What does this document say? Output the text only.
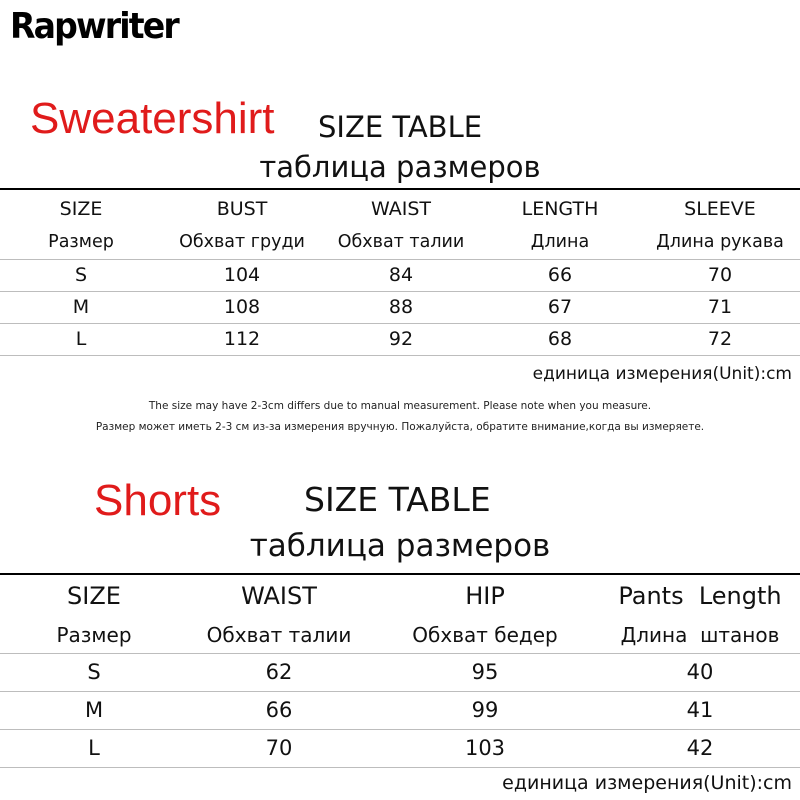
Rapwriter
Sweatershirt SIZE TABLE
таблица размеров
SIZE	BUST	WAIST	LENGTH	SLEEVE
Размер	Обхват груди	Обхват талии	Длина	Длина рукава
S	104	84	66	70
M	108	88	67	71
L	112	92	68	72
единица измерения(Unit):cm
The size may have 2-3cm differs due to manual measurement. Please note when you measure.
Размер может иметь 2-3 см из-за измерения вручную. Пожалуйста, обратите внимание,когда вы измеряете.
Shorts	SIZE TABLE
таблица размеров
SIZE	WAIST	HIP	Pants  Length
Размер	Обхват талии	Обхват бедер	Длина  штанов
S	62	95	40
M	66	99	41
L	70	103	42
единица измерения(Unit):cm
